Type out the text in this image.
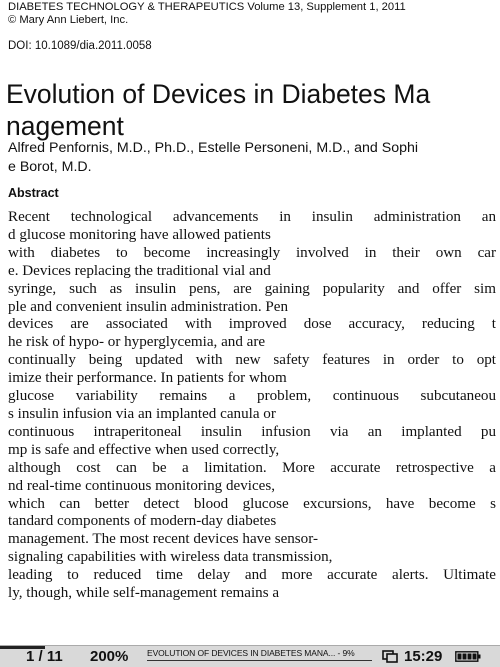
DIABETES TECHNOLOGY & THERAPEUTICS Volume 13, Supplement 1, 2011
© Mary Ann Liebert, Inc.
DOI: 10.1089/dia.2011.0058
Evolution of Devices in Diabetes Ma
nagement
Alfred Penfornis, M.D., Ph.D., Estelle Personeni, M.D., and Sophi
e Borot, M.D.
Abstract
Recent technological advancements in insulin administration an
d glucose monitoring have allowed patients
with diabetes to become increasingly involved in their own car
e. Devices replacing the traditional vial and
syringe, such as insulin pens, are gaining popularity and offer sim
ple and convenient insulin administration. Pen
devices are associated with improved dose accuracy, reducing t
he risk of hypo- or hyperglycemia, and are
continually being updated with new safety features in order to opt
imize their performance. In patients for whom
glucose variability remains a problem, continuous subcutaneou
s insulin infusion via an implanted canula or
continuous intraperitoneal insulin infusion via an implanted pu
mp is safe and effective when used correctly,
although cost can be a limitation. More accurate retrospective a
nd real-time continuous monitoring devices,
which can better detect blood glucose excursions, have become s
tandard components of modern-day diabetes
management. The most recent devices have sensor-
signaling capabilities with wireless data transmission,
leading to reduced time delay and more accurate alerts. Ultimate
ly, though, while self-management remains a
1 / 11 200% EVOLUTION OF DEVICES IN DIABETES MANA... - 9%	15:29
